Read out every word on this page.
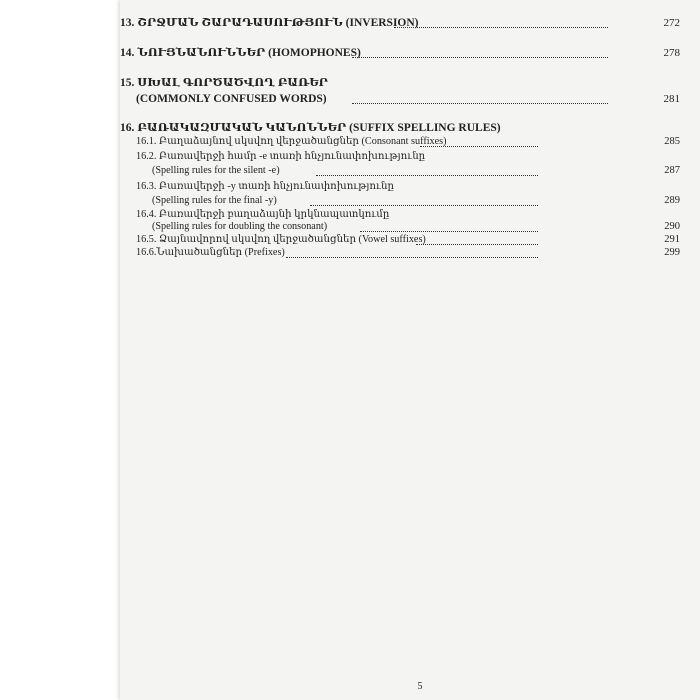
13. ՇՐՋՄԱՆ ՇԱՐԱԴԱՍՈՒԹՅՈՒՆ (INVERSION)	272
14. ՆՈՒՅՆԱՆՈՒՆՆԵՐ (HOMOPHONES)	278
15. ՍԽԱԼ ԳՈՐԾԱԾՎՈՂ ԲԱՌԵՐ
(COMMONLY CONFUSED WORDS)	281
16. ԲԱՌԱԿԱԶՄԱԿԱՆ ԿԱՆՈՆՆԵՐ (SUFFIX SPELLING RULES)
16.1. Բաղաձայնով սկսվող վերջածանցներ (Consonant suffixes)	285
16.2. Բառավերջի համր -e տառի հնչյունափոխությունը
(Spelling rules for the silent -e)	287
16.3. Բառավերջի -y տառի հնչյունափոխությունը
(Spelling rules for the final -y)	289
16.4. Բառավերջի բաղաձայնի կրկնապատկումը
(Spelling rules for doubling the consonant)	290
16.5. Ձայնավորով սկսվող վերջածանցներ (Vowel suffixes)	291
16.6.Նախածանցներ (Prefixes)	299
5
